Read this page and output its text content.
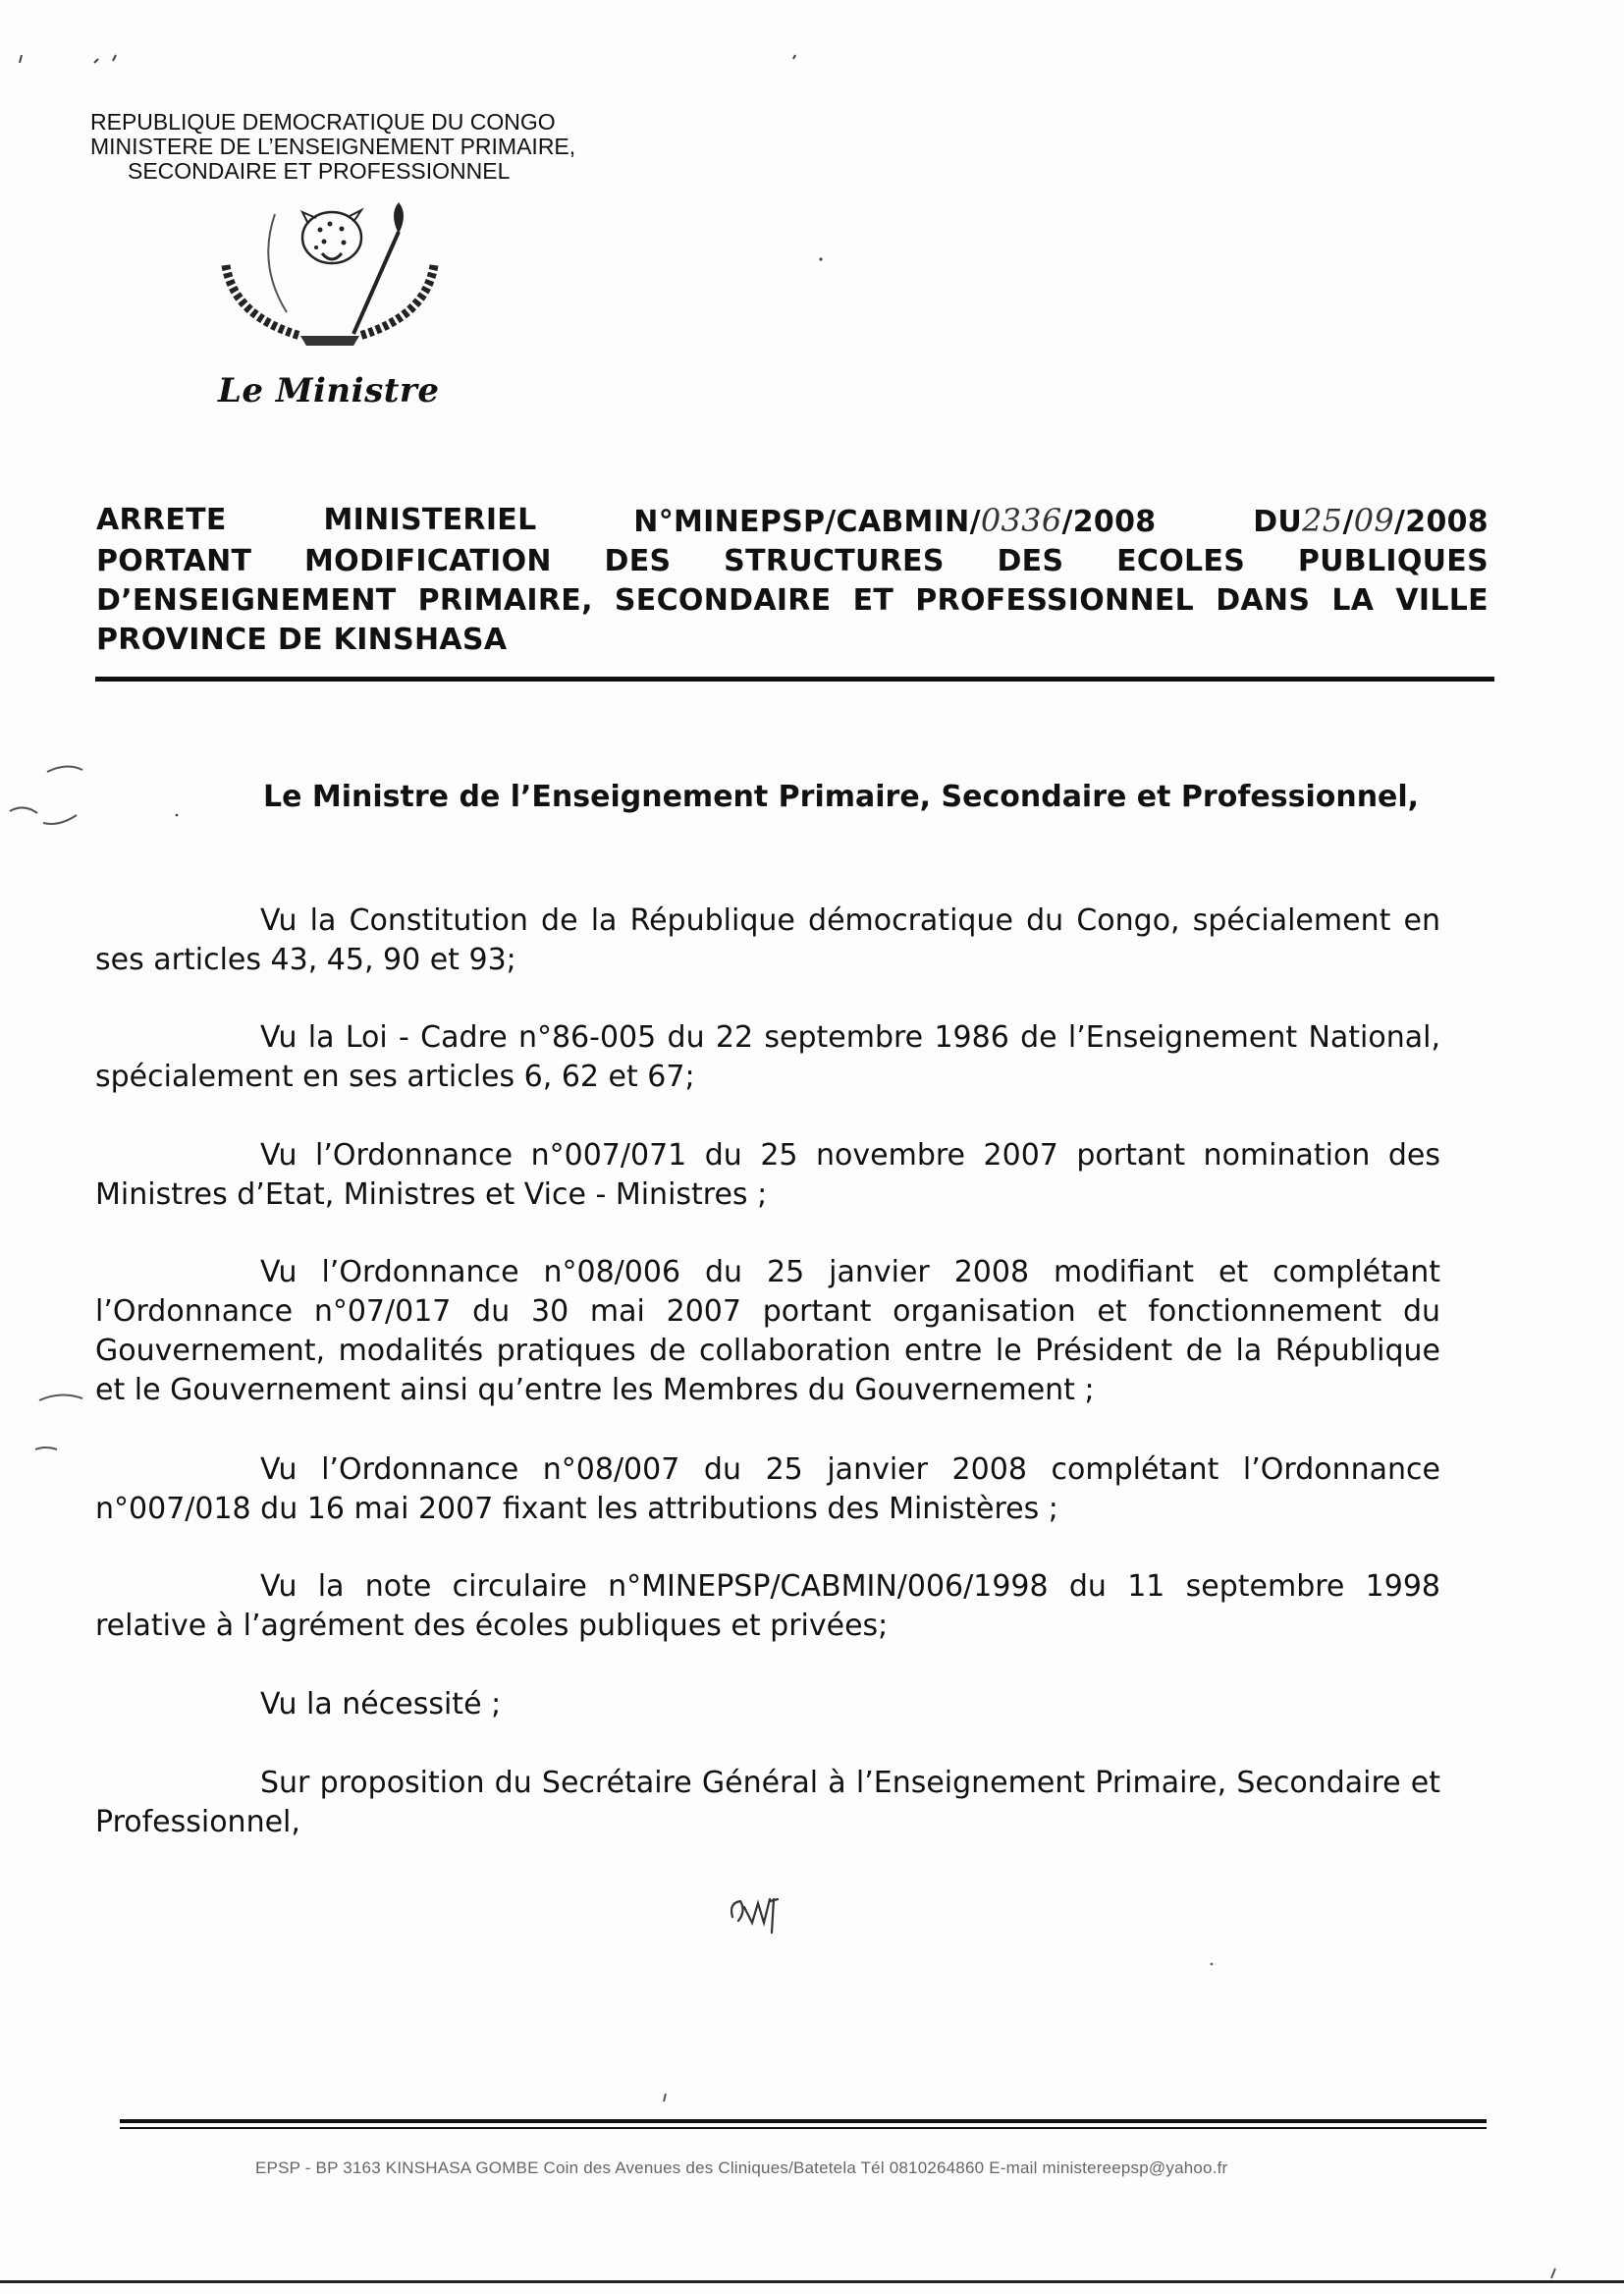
REPUBLIQUE DEMOCRATIQUE DU CONGO
MINISTERE DE L’ENSEIGNEMENT PRIMAIRE,
SECONDAIRE ET PROFESSIONNEL
Le Ministre
ARRETE	MINISTERIEL	N°MINEPSP/CABMIN/0336/2008	DU25/09/2008
PORTANT MODIFICATION DES STRUCTURES DES ECOLES PUBLIQUES
D’ENSEIGNEMENT PRIMAIRE, SECONDAIRE ET PROFESSIONNEL DANS LA VILLE
PROVINCE DE KINSHASA
Le Ministre de l’Enseignement Primaire, Secondaire et Professionnel,

Vu la Constitution de la République démocratique du Congo, spécialement en ses articles 43, 45, 90 et 93;

Vu la Loi - Cadre n°86-005 du 22 septembre 1986 de l’Enseignement National, spécialement en ses articles 6, 62 et 67;

Vu l’Ordonnance n°007/071 du 25 novembre 2007 portant nomination des Ministres d’Etat, Ministres et Vice - Ministres ;

Vu l’Ordonnance n°08/006 du 25 janvier 2008 modifiant et complétant l’Ordonnance n°07/017 du 30 mai 2007 portant organisation et fonctionnement du Gouvernement, modalités pratiques de collaboration entre le Président de la République et le Gouvernement ainsi qu’entre les Membres du Gouvernement ;

Vu l’Ordonnance n°08/007 du 25 janvier 2008 complétant l’Ordonnance n°007/018 du 16 mai 2007 fixant les attributions des Ministères ;

Vu la note circulaire n°MINEPSP/CABMIN/006/1998 du 11 septembre 1998 relative à l’agrément des écoles publiques et privées;

Vu la nécessité ;

Sur proposition du Secrétaire Général à l’Enseignement Primaire, Secondaire et Professionnel,

EPSP - BP 3163 KINSHASA GOMBE Coin des Avenues des Cliniques/Batetela Tél 0810264860 E-mail ministereepsp@yahoo.fr
